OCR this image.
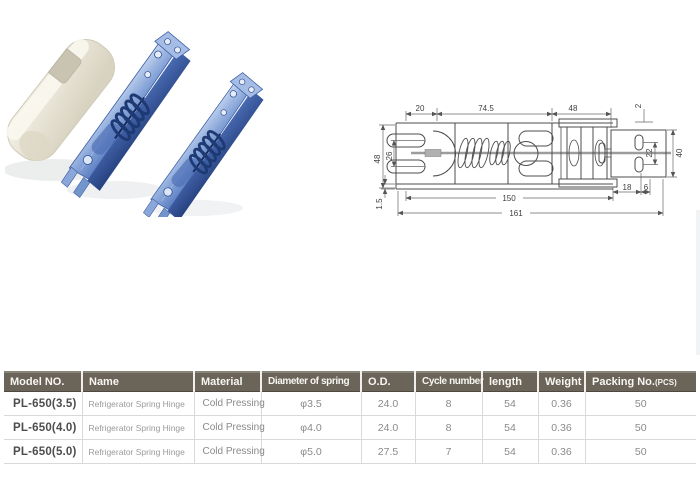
20	74.5	48
48 26
1.5	150
161
18 6
2
22	40
Model NO.	Name	Material	Diameter of spring	O.D.	Cycle number	length	Weight	Packing No.(PCS)
PL-650(3.5)	Refrigerator Spring Hinge	Cold Pressing	φ3.5	24.0	8	54	0.36	50
PL-650(4.0)	Refrigerator Spring Hinge	Cold Pressing	φ4.0	24.0	8	54	0.36	50
PL-650(5.0)	Refrigerator Spring Hinge	Cold Pressing	φ5.0	27.5	7	54	0.36	50
